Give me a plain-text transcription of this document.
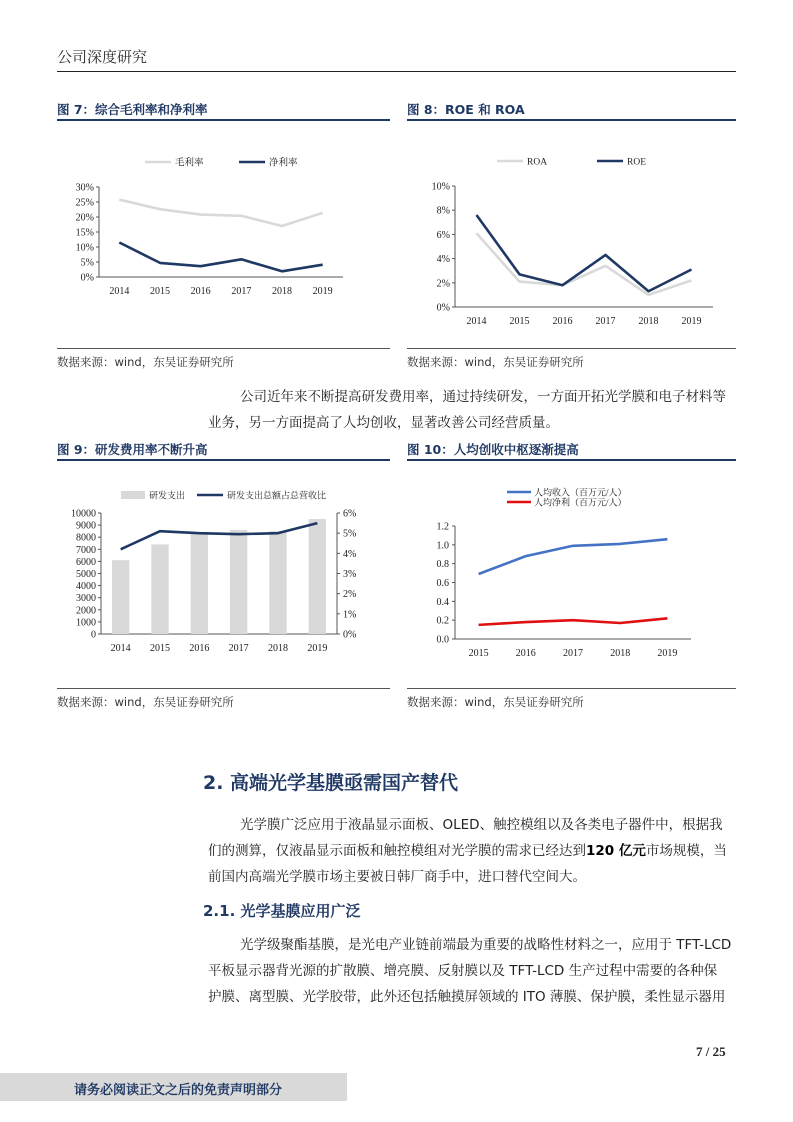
公司深度研究
图 7：综合毛利率和净利率
0%
5%
10%
15%
20%
25%
30%
2014 2015 2016 2017 2018 2019
毛利率	净利率
数据来源：wind，东吴证券研究所
图 8：ROE 和 ROA
0%
2%
4%
6%
8%
10%
2014 2015 2016 2017 2018 2019
ROA	ROE
数据来源：wind，东吴证券研究所
公司近年来不断提高研发费用率，通过持续研发，一方面开拓光学膜和电子材料等
业务，另一方面提高了人均创收，显著改善公司经营质量。
图 9：研发费用率不断升高
0
1000
2000
3000
4000
5000
6000
7000
8000
9000
10000
0%
1%
2%
3%
4%
5%
6%
2014 2015 2016 2017 2018 2019
研发支出	研发支出总额占总营收比
数据来源：wind，东吴证券研究所
图 10：人均创收中枢逐渐提高
0.0
0.2
0.4
0.6
0.8
1.0
1.2
2015	2016	2017	2018	2019
人均收入（百万元/人）
人均净利（百万元/人）
数据来源：wind，东吴证券研究所
2. 高端光学基膜亟需国产替代
光学膜广泛应用于液晶显示面板、OLED、触控模组以及各类电子器件中，根据我
们的测算，仅液晶显示面板和触控模组对光学膜的需求已经达到120 亿元市场规模，当
前国内高端光学膜市场主要被日韩厂商手中，进口替代空间大。
2.1. 光学基膜应用广泛
光学级聚酯基膜，是光电产业链前端最为重要的战略性材料之一，应用于 TFT-LCD
平板显示器背光源的扩散膜、增亮膜、反射膜以及 TFT-LCD 生产过程中需要的各种保
护膜、离型膜、光学胶带，此外还包括触摸屏领域的 ITO 薄膜、保护膜，柔性显示器用
7 / 25
请务必阅读正文之后的免责声明部分
